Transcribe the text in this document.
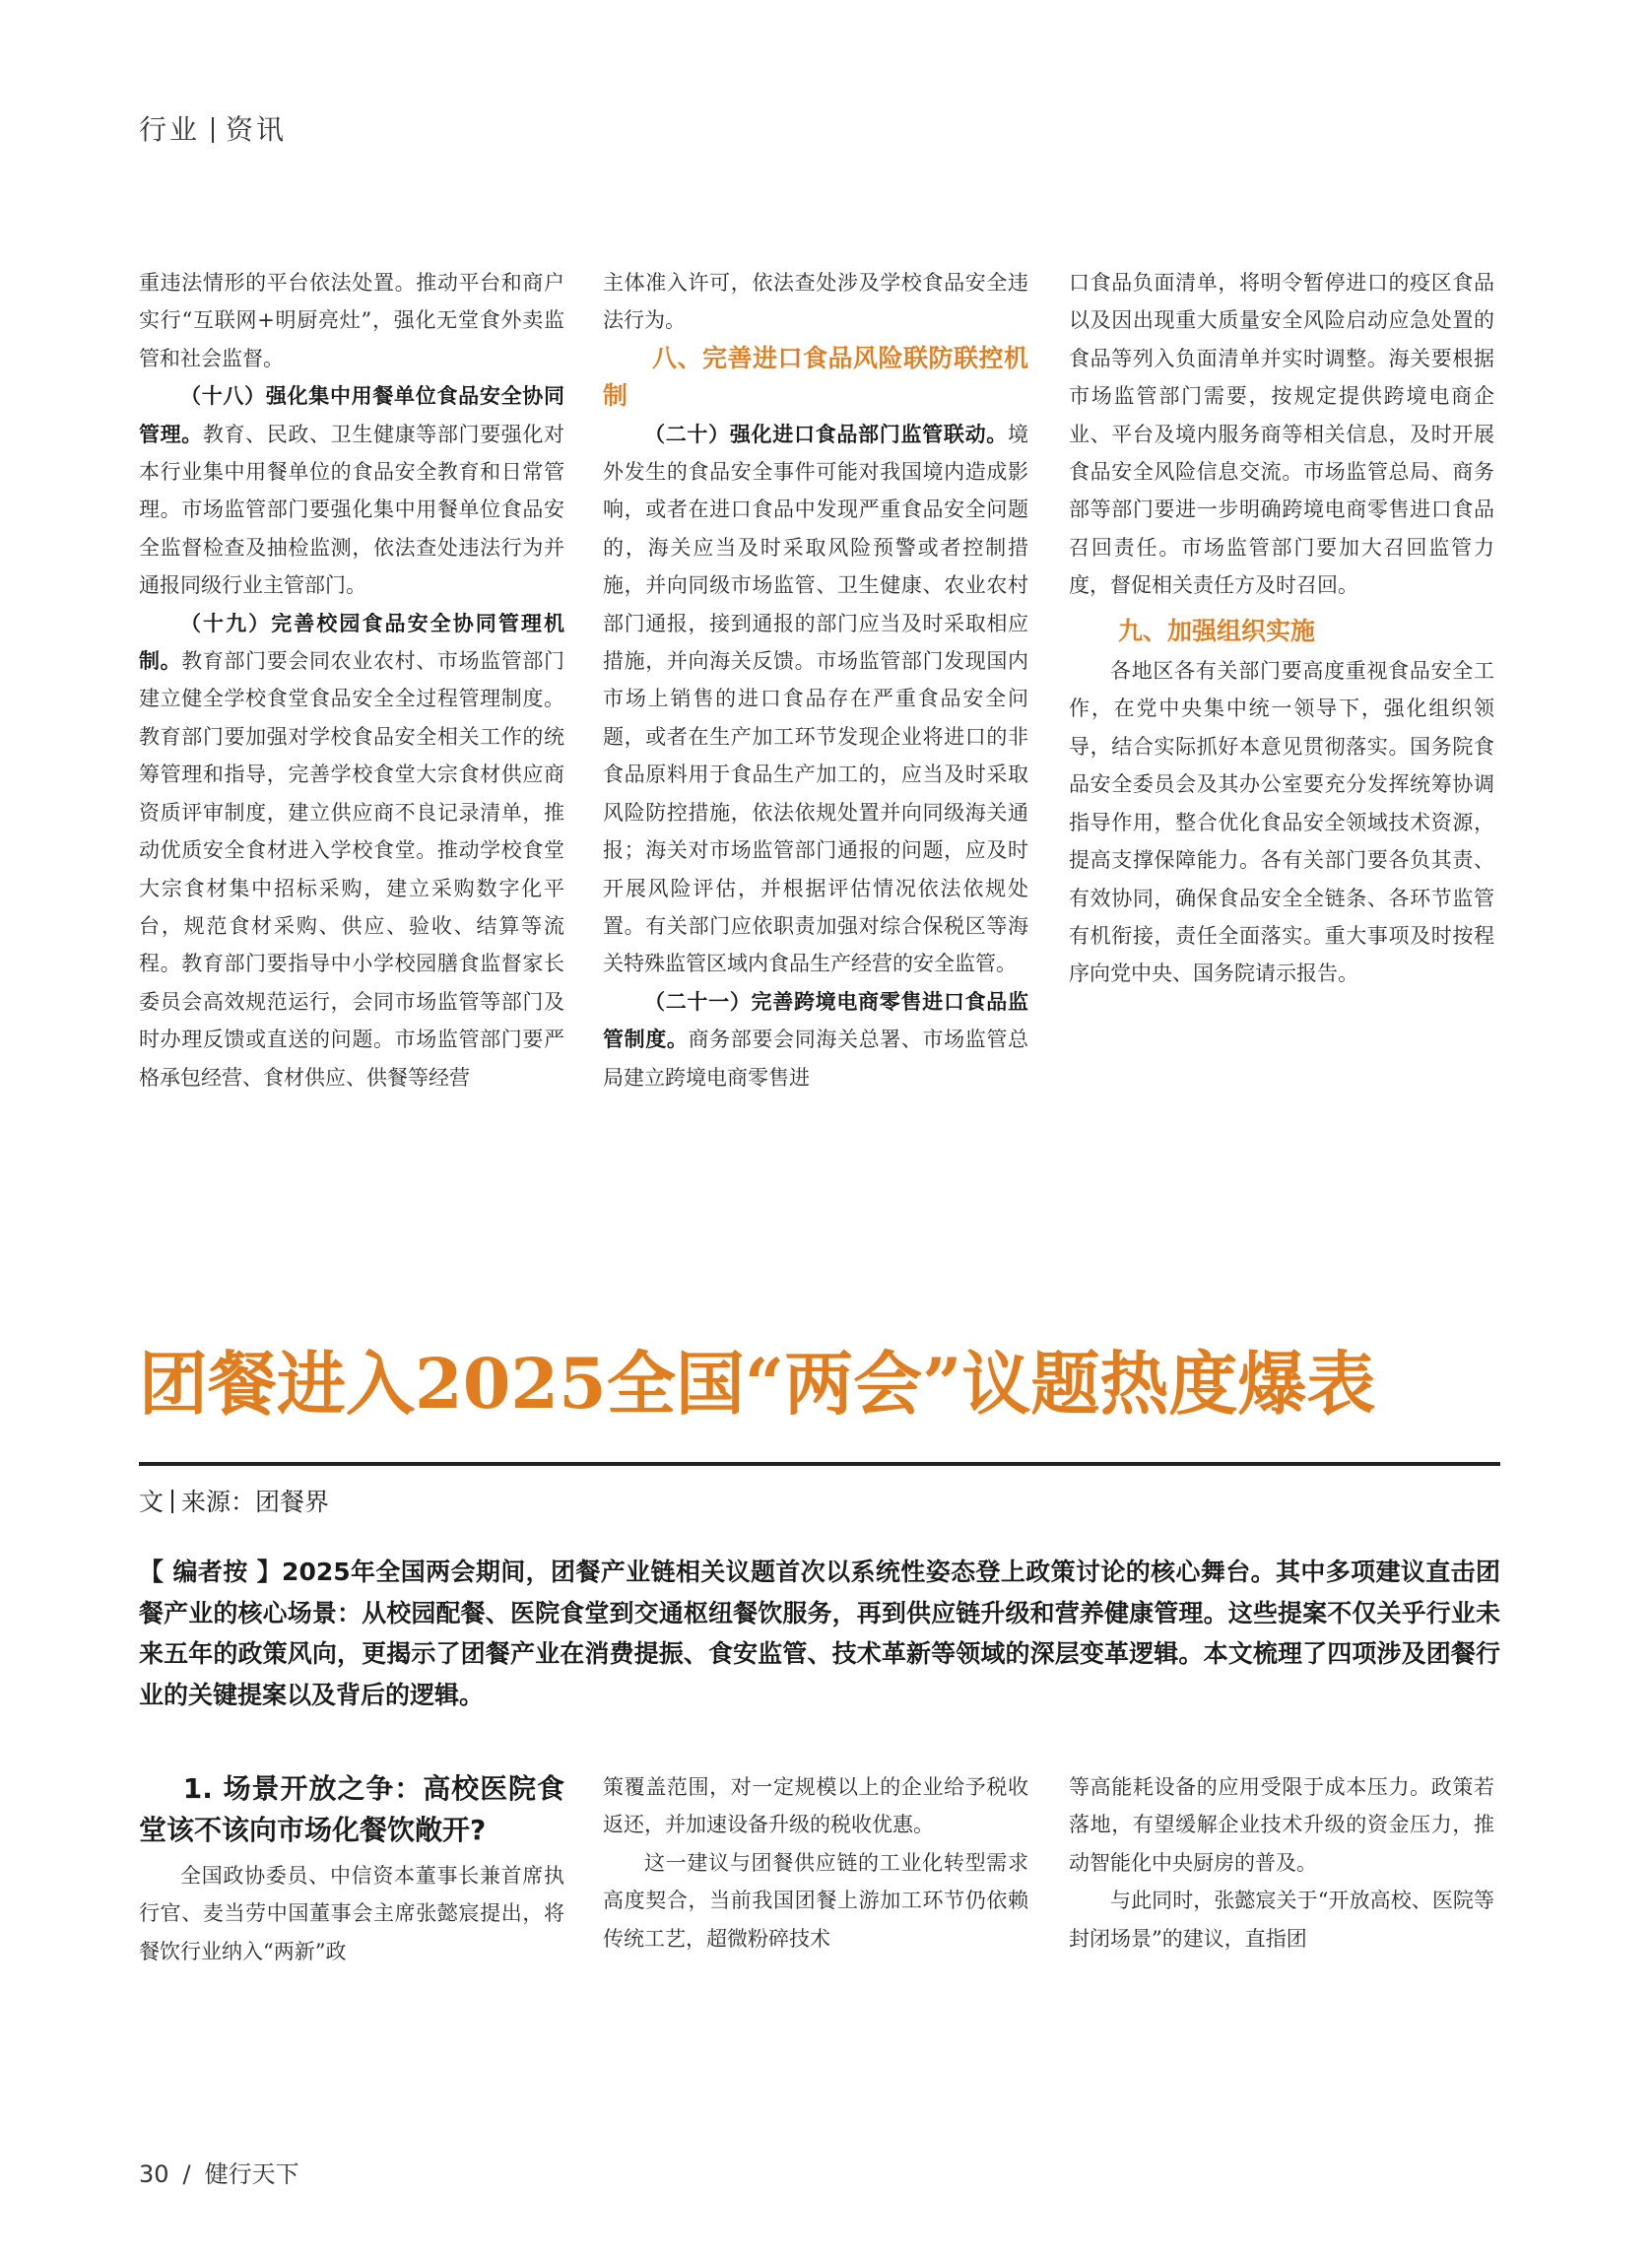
行业 资讯

重违法情形的平台依法处置。推动平台和商户实行“互联网+明厨亮灶”，强化无堂食外卖监管和社会监督。

（十八）强化集中用餐单位食品安全协同管理。教育、民政、卫生健康等部门要强化对本行业集中用餐单位的食品安全教育和日常管理。市场监管部门要强化集中用餐单位食品安全监督检查及抽检监测，依法查处违法行为并通报同级行业主管部门。

（十九）完善校园食品安全协同管理机制。教育部门要会同农业农村、市场监管部门建立健全学校食堂食品安全全过程管理制度。教育部门要加强对学校食品安全相关工作的统筹管理和指导，完善学校食堂大宗食材供应商资质评审制度，建立供应商不良记录清单，推动优质安全食材进入学校食堂。推动学校食堂大宗食材集中招标采购，建立采购数字化平台，规范食材采购、供应、验收、结算等流程。教育部门要指导中小学校园膳食监督家长委员会高效规范运行，会同市场监管等部门及时办理反馈或直送的问题。市场监管部门要严格承包经营、食材供应、供餐等经营

主体准入许可，依法查处涉及学校食品安全违法行为。

八、完善进口食品风险联防联控机制

（二十）强化进口食品部门监管联动。境外发生的食品安全事件可能对我国境内造成影响，或者在进口食品中发现严重食品安全问题的，海关应当及时采取风险预警或者控制措施，并向同级市场监管、卫生健康、农业农村部门通报，接到通报的部门应当及时采取相应措施，并向海关反馈。市场监管部门发现国内市场上销售的进口食品存在严重食品安全问题，或者在生产加工环节发现企业将进口的非食品原料用于食品生产加工的，应当及时采取风险防控措施，依法依规处置并向同级海关通报；海关对市场监管部门通报的问题，应及时开展风险评估，并根据评估情况依法依规处置。有关部门应依职责加强对综合保税区等海关特殊监管区域内食品生产经营的安全监管。

（二十一）完善跨境电商零售进口食品监管制度。商务部要会同海关总署、市场监管总局建立跨境电商零售进

口食品负面清单，将明令暂停进口的疫区食品以及因出现重大质量安全风险启动应急处置的食品等列入负面清单并实时调整。海关要根据市场监管部门需要，按规定提供跨境电商企业、平台及境内服务商等相关信息，及时开展食品安全风险信息交流。市场监管总局、商务部等部门要进一步明确跨境电商零售进口食品召回责任。市场监管部门要加大召回监管力度，督促相关责任方及时召回。

九、加强组织实施

各地区各有关部门要高度重视食品安全工作，在党中央集中统一领导下，强化组织领导，结合实际抓好本意见贯彻落实。国务院食品安全委员会及其办公室要充分发挥统筹协调指导作用，整合优化食品安全领域技术资源，提高支撑保障能力。各有关部门要各负其责、有效协同，确保食品安全全链条、各环节监管有机衔接，责任全面落实。重大事项及时按程序向党中央、国务院请示报告。

团餐进入2025全国“两会”议题热度爆表
文 来源：团餐界
【 编者按 】2025年全国两会期间，团餐产业链相关议题首次以系统性姿态登上政策讨论的核心舞台。其中多项建议直击团餐产业的核心场景：从校园配餐、医院食堂到交通枢纽餐饮服务，再到供应链升级和营养健康管理。这些提案不仅关乎行业未来五年的政策风向，更揭示了团餐产业在消费提振、食安监管、技术革新等领域的深层变革逻辑。本文梳理了四项涉及团餐行业的关键提案以及背后的逻辑。

1. 场景开放之争：高校医院食堂该不该向市场化餐饮敞开?

全国政协委员、中信资本董事长兼首席执行官、麦当劳中国董事会主席张懿宸提出，将餐饮行业纳入“两新”政

策覆盖范围，对一定规模以上的企业给予税收返还，并加速设备升级的税收优惠。

这一建议与团餐供应链的工业化转型需求高度契合，当前我国团餐上游加工环节仍依赖传统工艺，超微粉碎技术

等高能耗设备的应用受限于成本压力。政策若落地，有望缓解企业技术升级的资金压力，推动智能化中央厨房的普及。

与此同时，张懿宸关于“开放高校、医院等封闭场景”的建议，直指团

30 / 健行天下
